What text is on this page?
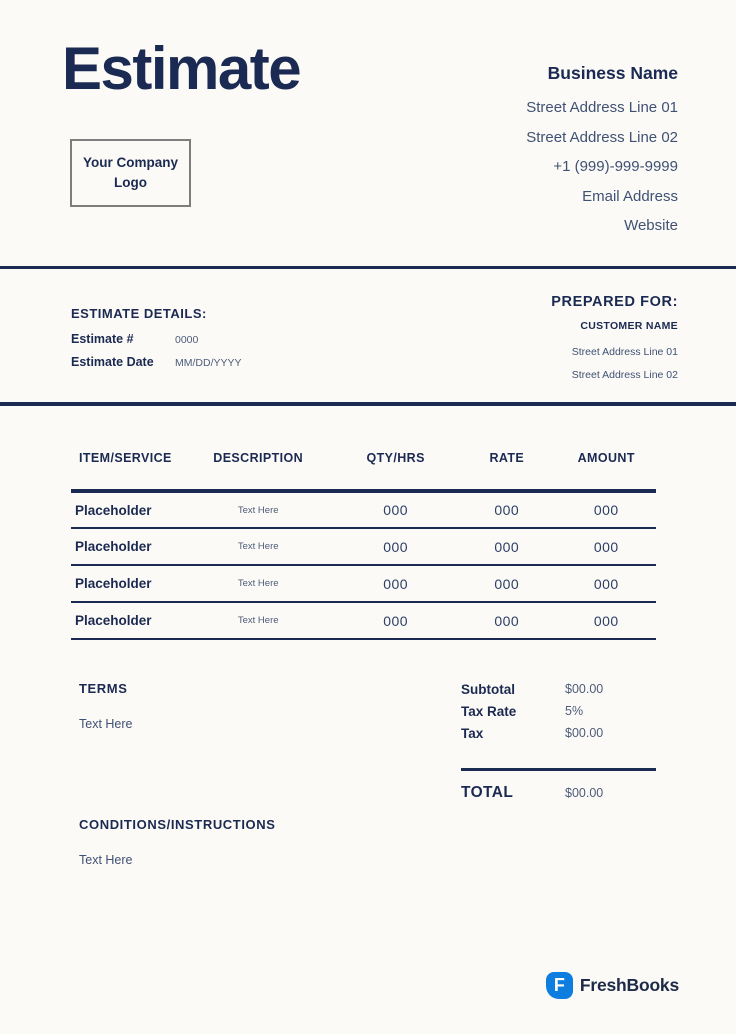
Estimate
Your Company Logo
Business Name
Street Address Line 01
Street Address Line 02
+1 (999)-999-9999
Email Address
Website
ESTIMATE DETAILS:
Estimate #	0000
Estimate Date	MM/DD/YYYY
PREPARED FOR:
CUSTOMER NAME
Street Address Line 01
Street Address Line 02
ITEM/SERVICE	DESCRIPTION	QTY/HRS	RATE	AMOUNT
Placeholder	Text Here	000	000	000
Placeholder	Text Here	000	000	000
Placeholder	Text Here	000	000	000
Placeholder	Text Here	000	000	000
TERMS
Text Here
Subtotal	$00.00
Tax Rate	5%
Tax	$00.00
TOTAL	$00.00
CONDITIONS/INSTRUCTIONS
Text Here
F FreshBooks
